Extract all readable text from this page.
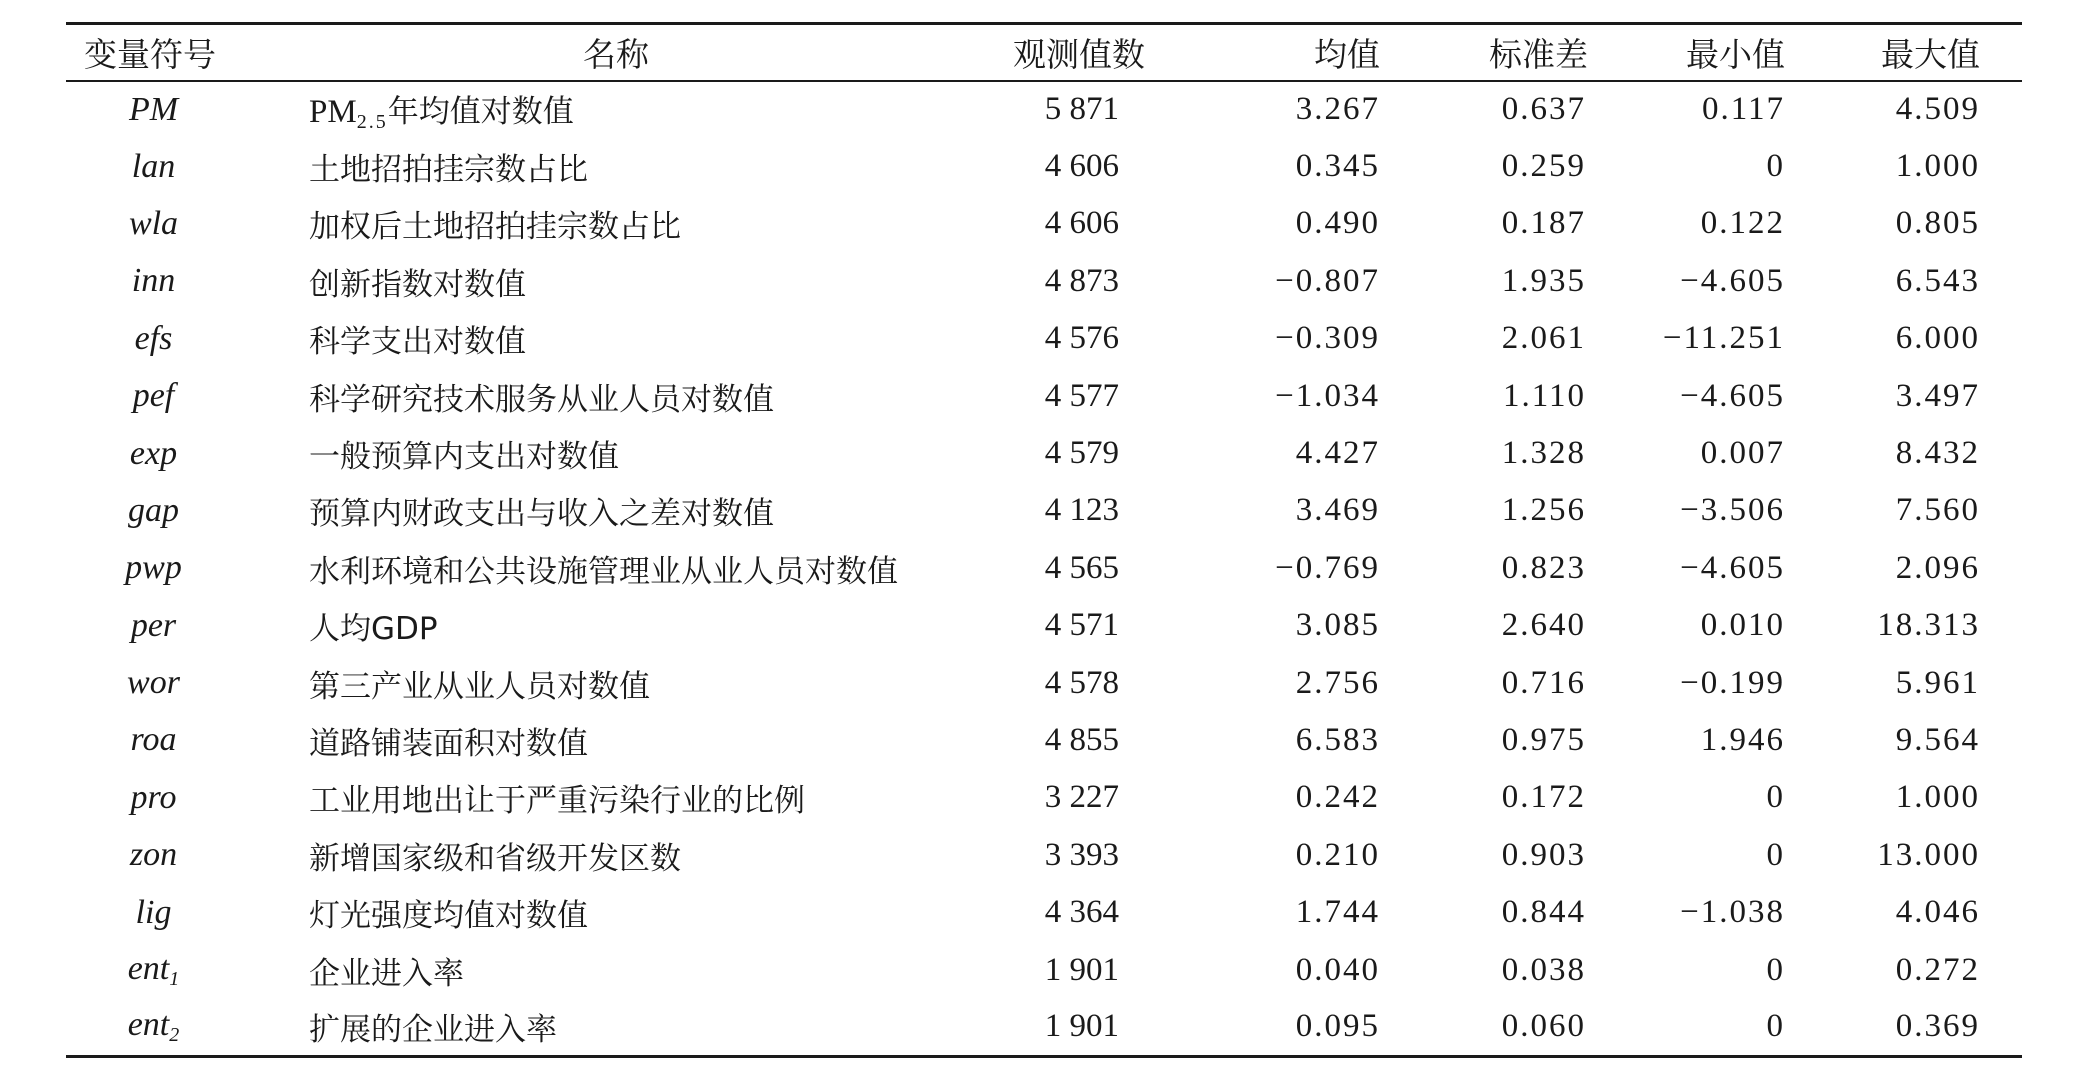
变量符号	名称	观测值数	均值	标准差	最小值	最大值
PM	$PM_{2.5}$年均值对数值	5 871	3.267	0.637	0.117	4.509
lan	土地招拍挂宗数占比	4 606	0.345	0.259	0	1.000
wla	加权后土地招拍挂宗数占比	4 606	0.490	0.187	0.122	0.805
inn	创新指数对数值	4 873	−0.807	1.935	−4.605	6.543
efs	科学支出对数值	4 576	−0.309	2.061	−11.251	6.000
pef	科学研究技术服务从业人员对数值	4 577	−1.034	1.110	−4.605	3.497
exp	一般预算内支出对数值	4 579	4.427	1.328	0.007	8.432
gap	预算内财政支出与收入之差对数值	4 123	3.469	1.256	−3.506	7.560
pwp	水利环境和公共设施管理业从业人员对数值	4 565	−0.769	0.823	−4.605	2.096
per	人均GDP	4 571	3.085	2.640	0.010	18.313
wor	第三产业从业人员对数值	4 578	2.756	0.716	−0.199	5.961
roa	道路铺装面积对数值	4 855	6.583	0.975	1.946	9.564
pro	工业用地出让于严重污染行业的比例	3 227	0.242	0.172	0	1.000
zon	新增国家级和省级开发区数	3 393	0.210	0.903	0	13.000
lig	灯光强度均值对数值	4 364	1.744	0.844	−1.038	4.046
ent$_1$	企业进入率	1 901	0.040	0.038	0	0.272
ent$_2$	扩展的企业进入率	1 901	0.095	0.060	0	0.369
